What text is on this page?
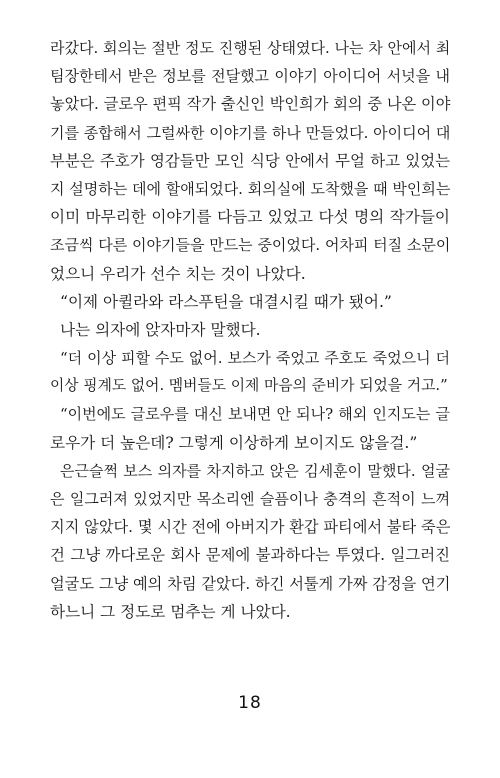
라갔다. 회의는 절반 정도 진행된 상태였다. 나는 차 안에서 최
팀장한테서 받은 정보를 전달했고 이야기 아이디어 서넛을 내
놓았다. 글로우 편픽 작가 출신인 박인희가 회의 중 나온 이야
기를 종합해서 그럴싸한 이야기를 하나 만들었다. 아이디어 대
부분은 주호가 영감들만 모인 식당 안에서 무얼 하고 있었는
지 설명하는 데에 할애되었다. 회의실에 도착했을 때 박인희는
이미 마무리한 이야기를 다듬고 있었고 다섯 명의 작가들이
조금씩 다른 이야기들을 만드는 중이었다. 어차피 터질 소문이
었으니 우리가 선수 치는 것이 나았다.
“이제 아퀼라와 라스푸틴을 대결시킬 때가 됐어.”
나는 의자에 앉자마자 말했다.
“더 이상 피할 수도 없어. 보스가 죽었고 주호도 죽었으니 더
이상 핑계도 없어. 멤버들도 이제 마음의 준비가 되었을 거고.”
“이번에도 글로우를 대신 보내면 안 되나? 해외 인지도는 글
로우가 더 높은데? 그렇게 이상하게 보이지도 않을걸.”
은근슬쩍 보스 의자를 차지하고 앉은 김세훈이 말했다. 얼굴
은 일그러져 있었지만 목소리엔 슬픔이나 충격의 흔적이 느껴
지지 않았다. 몇 시간 전에 아버지가 환갑 파티에서 불타 죽은
건 그냥 까다로운 회사 문제에 불과하다는 투였다. 일그러진
얼굴도 그냥 예의 차림 같았다. 하긴 서툴게 가짜 감정을 연기
하느니 그 정도로 멈추는 게 나았다.
18
